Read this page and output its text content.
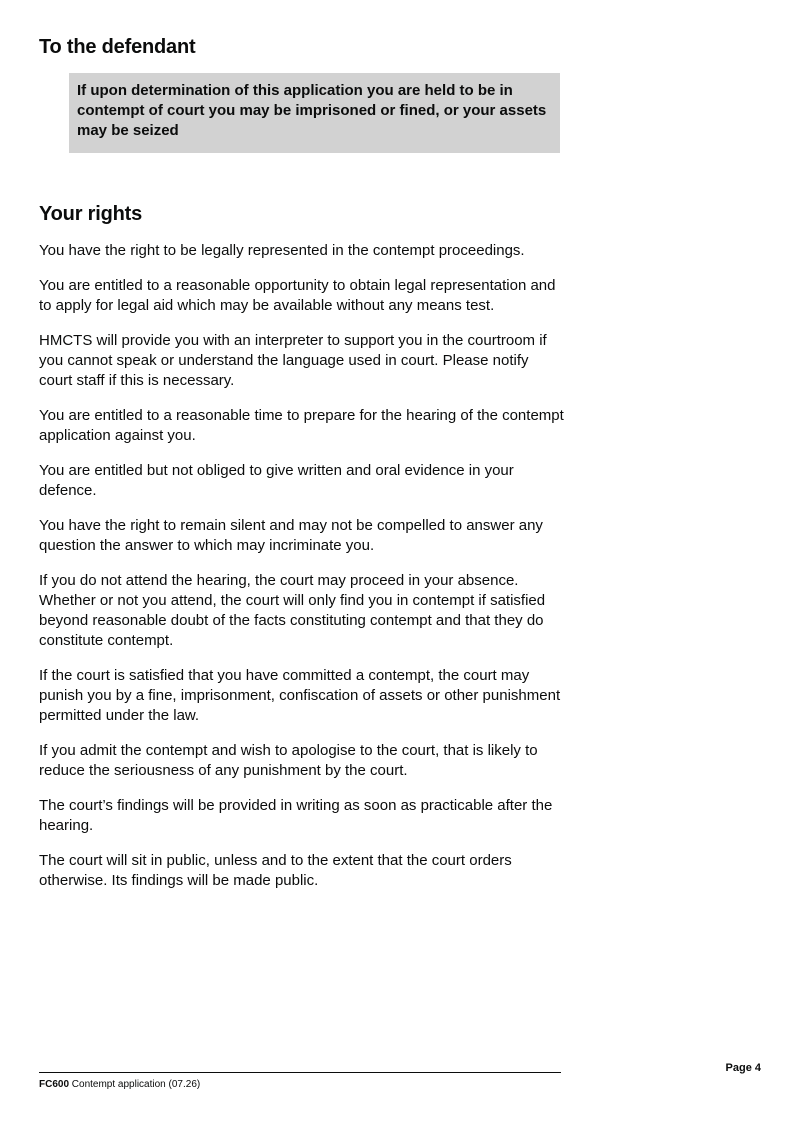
To the defendant
If upon determination of this application you are held to be in contempt of court you may be imprisoned or fined, or your assets may be seized
Your rights

You have the right to be legally represented in the contempt proceedings.

You are entitled to a reasonable opportunity to obtain legal representation and to apply for legal aid which may be available without any means test.

HMCTS will provide you with an interpreter to support you in the courtroom if you cannot speak or understand the language used in court. Please notify court staff if this is necessary.

You are entitled to a reasonable time to prepare for the hearing of the contempt application against you.

You are entitled but not obliged to give written and oral evidence in your defence.

You have the right to remain silent and may not be compelled to answer any question the answer to which may incriminate you.

If you do not attend the hearing, the court may proceed in your absence. Whether or not you attend, the court will only find you in contempt if satisfied beyond reasonable doubt of the facts constituting contempt and that they do constitute contempt.

If the court is satisfied that you have committed a contempt, the court may punish you by a fine, imprisonment, confiscation of assets or other punishment permitted under the law.

If you admit the contempt and wish to apologise to the court, that is likely to reduce the seriousness of any punishment by the court.

The court’s findings will be provided in writing as soon as practicable after the hearing.

The court will sit in public, unless and to the extent that the court orders otherwise. Its findings will be made public.

FC600 Contempt application (07.26)
Page 4
